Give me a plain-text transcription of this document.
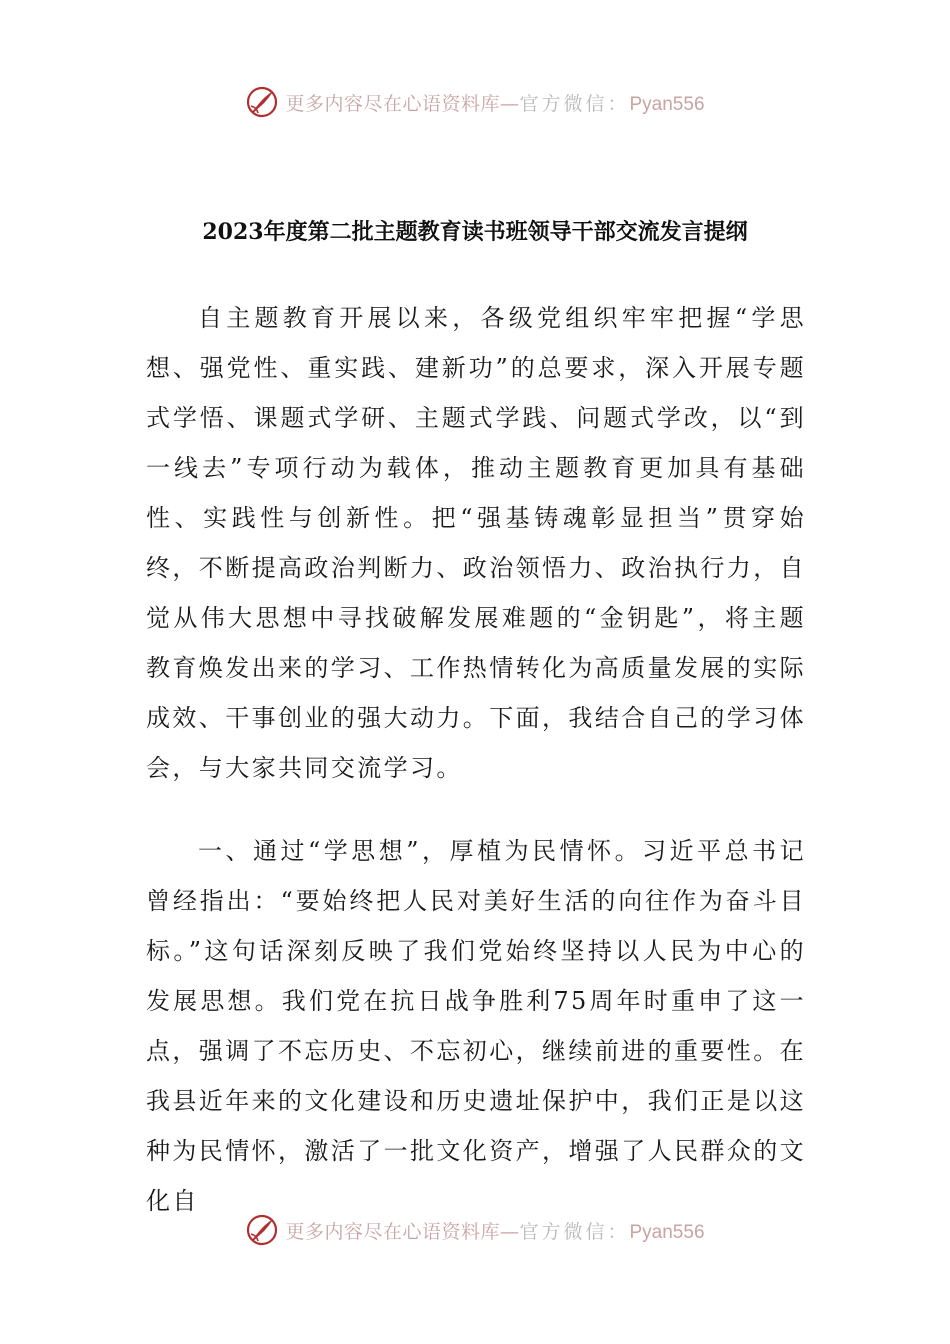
更多内容尽在心语资料库—官方微信：Pyan556
2023年度第二批主题教育读书班领导干部交流发言提纲

自主题教育开展以来，各级党组织牢牢把握“学思想、强党性、重实践、建新功”的总要求，深入开展专题式学悟、课题式学研、主题式学践、问题式学改，以“到一线去”专项行动为载体，推动主题教育更加具有基础性、实践性与创新性。把“强基铸魂彰显担当”贯穿始终，不断提高政治判断力、政治领悟力、政治执行力，自觉从伟大思想中寻找破解发展难题的“金钥匙”，将主题教育焕发出来的学习、工作热情转化为高质量发展的实际成效、干事创业的强大动力。下面，我结合自己的学习体会，与大家共同交流学习。

一、通过“学思想”，厚植为民情怀。习近平总书记曾经指出：“要始终把人民对美好生活的向往作为奋斗目标。”这句话深刻反映了我们党始终坚持以人民为中心的发展思想。我们党在抗日战争胜利75周年时重申了这一点，强调了不忘历史、不忘初心，继续前进的重要性。在我县近年来的文化建设和历史遗址保护中，我们正是以这种为民情怀，激活了一批文化资产，增强了人民群众的文化自

更多内容尽在心语资料库—官方微信：Pyan556
